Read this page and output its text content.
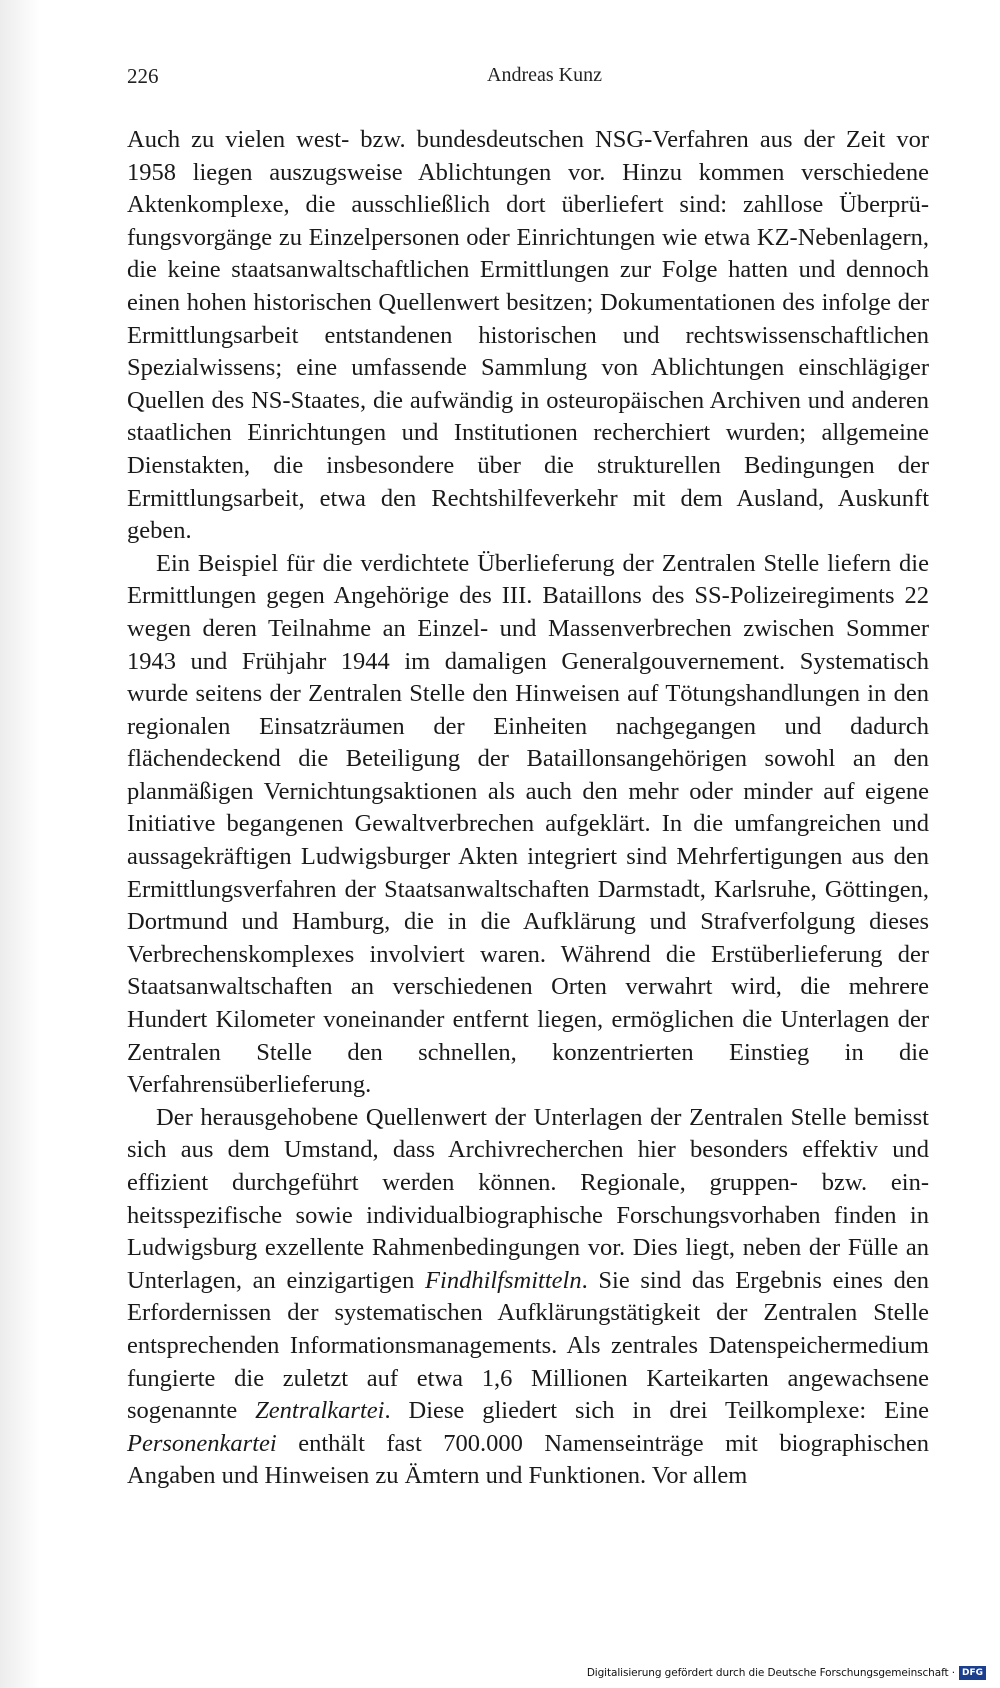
226	Andreas Kunz

Auch zu vielen west- bzw. bundesdeutschen NSG-Verfahren aus der Zeit vor 1958 liegen auszugsweise Ablichtungen vor. Hinzu kommen verschiedene Aktenkomplexe, die ausschließlich dort überliefert sind: zahllose Überprüfungsvorgänge zu Einzelpersonen oder Einrichtungen wie etwa KZ-Nebenlagern, die keine staatsanwaltschaftlichen Ermittlungen zur Folge hatten und dennoch einen hohen historischen Quellenwert besitzen; Dokumentationen des infolge der Ermittlungsarbeit entstandenen historischen und rechtswissenschaftlichen Spezialwissens; eine umfassende Sammlung von Ablichtungen einschlägiger Quellen des NS-Staates, die aufwändig in osteuropäischen Archiven und anderen staatlichen Einrichtungen und Institutionen recherchiert wurden; allgemeine Dienstakten, die insbesondere über die strukturellen Bedingungen der Ermittlungsarbeit, etwa den Rechtshilfeverkehr mit dem Ausland, Auskunft geben.

Ein Beispiel für die verdichtete Überlieferung der Zentralen Stelle liefern die Ermittlungen gegen Angehörige des III. Bataillons des SS-Polizeiregiments 22 wegen deren Teilnahme an Einzel- und Massenverbrechen zwischen Sommer 1943 und Frühjahr 1944 im damaligen Generalgouvernement. Systematisch wurde seitens der Zentralen Stelle den Hinweisen auf Tötungshandlungen in den regionalen Einsatzräumen der Einheiten nachgegangen und dadurch flächendeckend die Beteiligung der Bataillonsangehörigen sowohl an den planmäßigen Vernichtungsaktionen als auch den mehr oder minder auf eigene Initiative begangenen Gewaltverbrechen aufgeklärt. In die umfangreichen und aussagekräftigen Ludwigsburger Akten integriert sind Mehrfertigungen aus den Ermittlungsverfahren der Staatsanwaltschaften Darmstadt, Karlsruhe, Göttingen, Dortmund und Hamburg, die in die Aufklärung und Strafverfolgung dieses Verbrechenskomplexes involviert waren. Während die Erstüberlieferung der Staatsanwaltschaften an verschiedenen Orten verwahrt wird, die mehrere Hundert Kilometer voneinander entfernt liegen, ermöglichen die Unterlagen der Zentralen Stelle den schnellen, konzentrierten Einstieg in die Verfahrensüberlieferung.

Der herausgehobene Quellenwert der Unterlagen der Zentralen Stelle bemisst sich aus dem Umstand, dass Archivrecherchen hier besonders effektiv und effizient durchgeführt werden können. Regionale, gruppen- bzw. einheitsspezifische sowie individualbiographische Forschungsvorhaben finden in Ludwigsburg exzellente Rahmenbedingungen vor. Dies liegt, neben der Fülle an Unterlagen, an einzigartigen Findhilfsmitteln. Sie sind das Ergebnis eines den Erfordernissen der systematischen Aufklärungstätigkeit der Zentralen Stelle entsprechenden Informationsmanagements. Als zentrales Datenspeichermedium fungierte die zuletzt auf etwa 1,6 Millionen Karteikarten angewachsene sogenannte Zentralkartei. Diese gliedert sich in drei Teilkomplexe: Eine Personenkartei enthält fast 700.000 Namenseinträge mit biographischen Angaben und Hinweisen zu Ämtern und Funktionen. Vor allem

Digitalisierung gefördert durch die Deutsche Forschungsgemeinschaft · DFG
